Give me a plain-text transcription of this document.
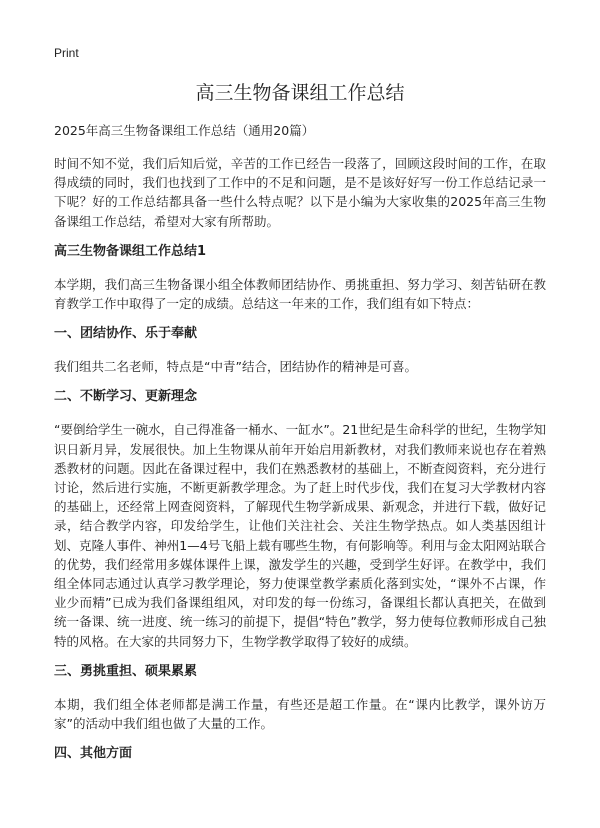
Print
高三生物备课组工作总结
2025年高三生物备课组工作总结（通用20篇）

时间不知不觉，我们后知后觉，辛苦的工作已经告一段落了，回顾这段时间的工作，在取得成绩的同时，我们也找到了工作中的不足和问题，是不是该好好写一份工作总结记录一下呢？好的工作总结都具备一些什么特点呢？以下是小编为大家收集的2025年高三生物备课组工作总结，希望对大家有所帮助。

高三生物备课组工作总结1

本学期，我们高三生物备课小组全体教师团结协作、勇挑重担、努力学习、刻苦钻研在教育教学工作中取得了一定的成绩。总结这一年来的工作，我们组有如下特点：

一、团结协作、乐于奉献

我们组共二名老师，特点是“中青”结合，团结协作的精神是可喜。

二、不断学习、更新理念

“要倒给学生一碗水，自己得准备一桶水、一缸水”。21世纪是生命科学的世纪，生物学知识日新月异，发展很快。加上生物课从前年开始启用新教材，对我们教师来说也存在着熟悉教材的问题。因此在备课过程中，我们在熟悉教材的基础上，不断查阅资料，充分进行讨论，然后进行实施，不断更新教学理念。为了赶上时代步伐，我们在复习大学教材内容的基础上，还经常上网查阅资料，了解现代生物学新成果、新观念，并进行下载，做好记录，结合教学内容，印发给学生，让他们关注社会、关注生物学热点。如人类基因组计划、克隆人事件、神州1—4号飞船上载有哪些生物，有何影响等。利用与金太阳网站联合的优势，我们经常用多媒体课件上课，激发学生的兴趣，受到学生好评。在教学中，我们组全体同志通过认真学习教学理论，努力使课堂教学素质化落到实处，“课外不占课，作业少而精”已成为我们备课组组风，对印发的每一份练习，备课组长都认真把关，在做到统一备课、统一进度、统一练习的前提下，提倡“特色”教学，努力使每位教师形成自己独特的风格。在大家的共同努力下，生物学教学取得了较好的成绩。

三、勇挑重担、硕果累累

本期，我们组全体老师都是满工作量，有些还是超工作量。在“课内比教学，课外访万家”的活动中我们组也做了大量的工作。

四、其他方面
